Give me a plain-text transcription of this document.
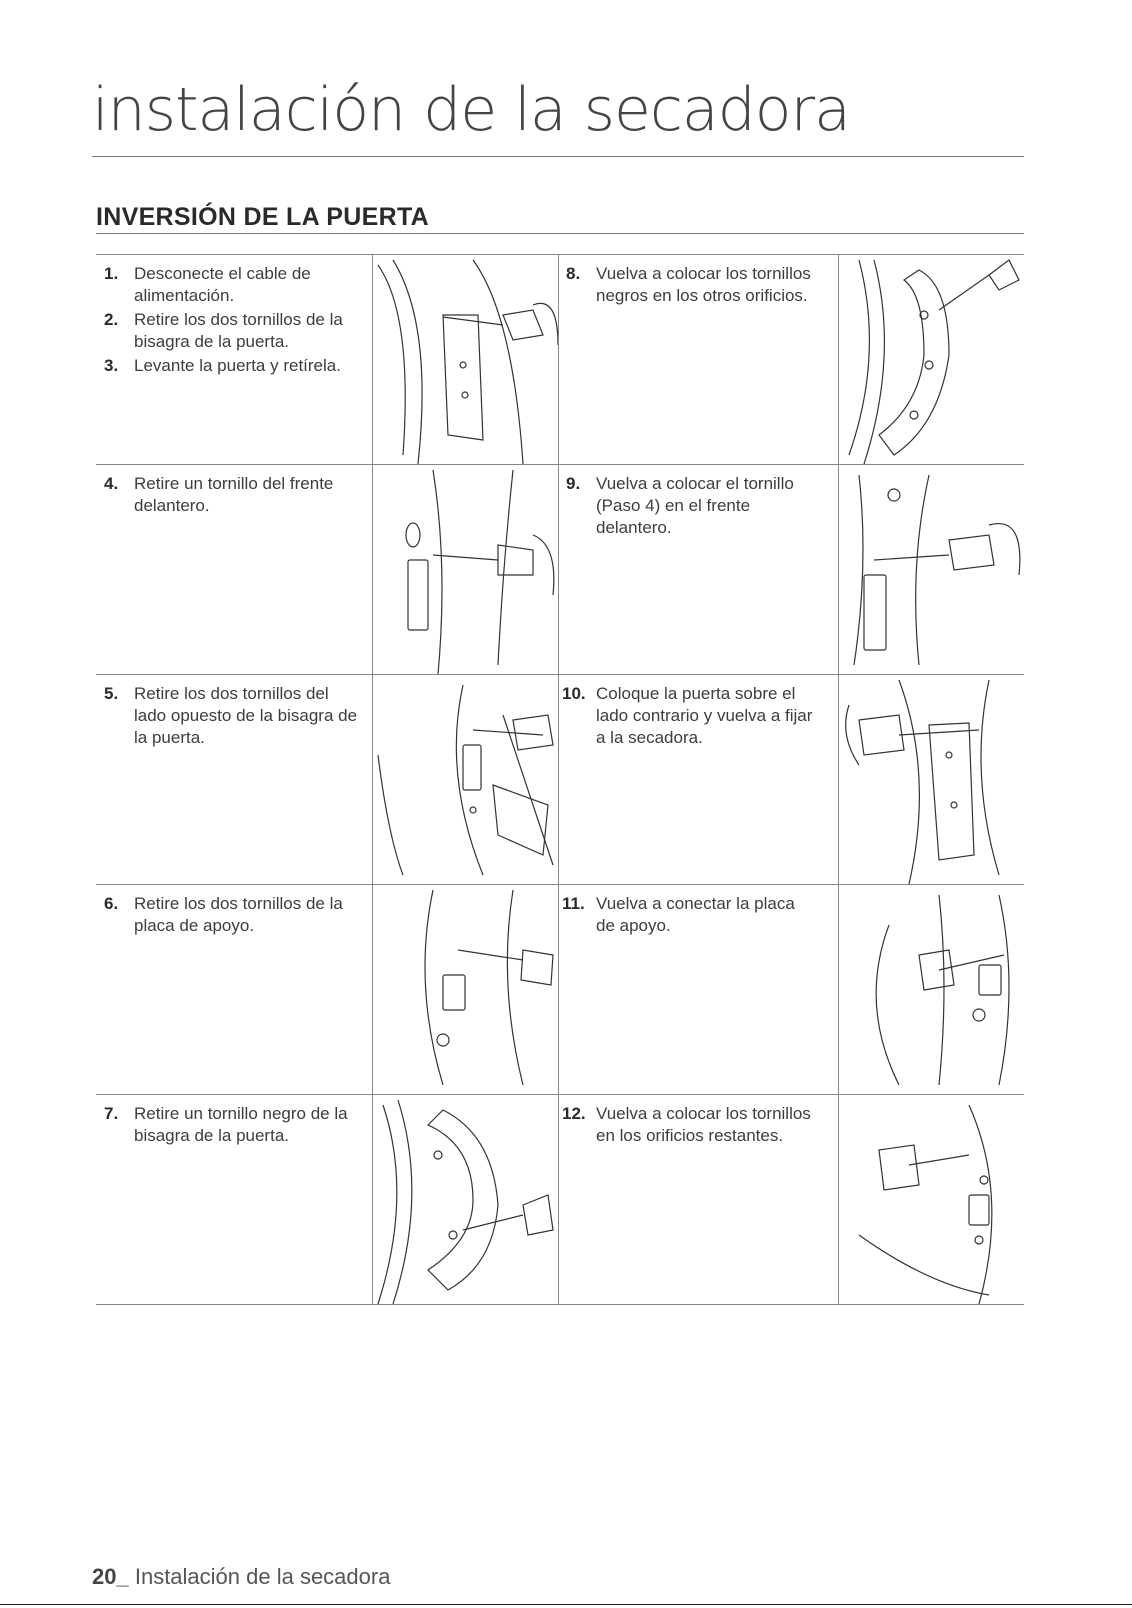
instalación de la secadora
INVERSIÓN DE LA PUERTA
1. Desconecte el cable de alimentación.
2. Retire los dos tornillos de la bisagra de la puerta.
3. Levante la puerta y retírela.
8. Vuelva a colocar los tornillos negros en los otros orificios.
4. Retire un tornillo del frente delantero.
9. Vuelva a colocar el tornillo (Paso 4) en el frente delantero.
5. Retire los dos tornillos del lado opuesto de la bisagra de la puerta.
10. Coloque la puerta sobre el lado contrario y vuelva a fijar a la secadora.
6. Retire los dos tornillos de la placa de apoyo.
11. Vuelva a conectar la placa de apoyo.
7. Retire un tornillo negro de la bisagra de la puerta.
12. Vuelva a colocar los tornillos en los orificios restantes.
20_ Instalación de la secadora
